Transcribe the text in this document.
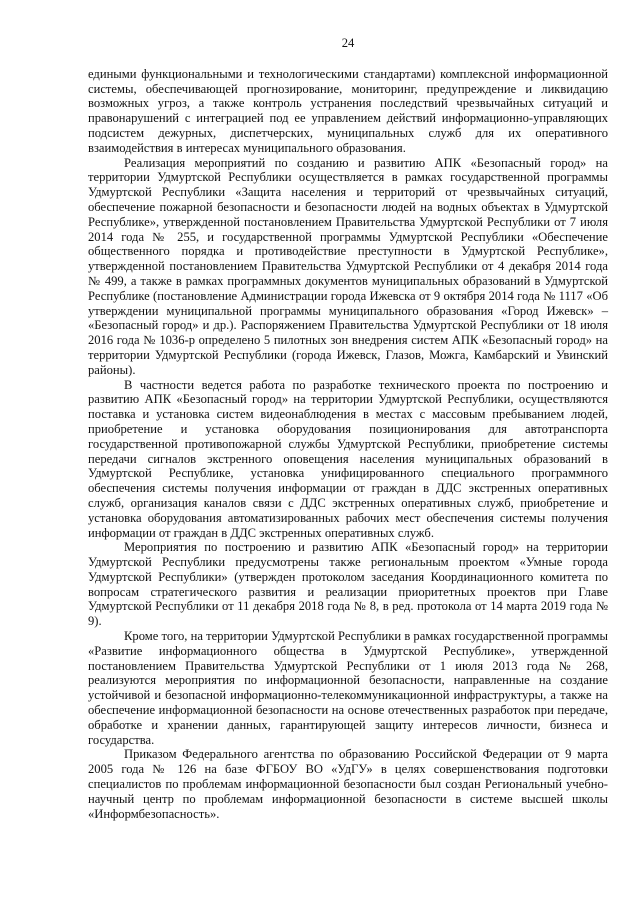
24

едиными функциональными и технологическими стандартами) комплексной информационной системы, обеспечивающей прогнозирование, мониторинг, предупреждение и ликвидацию возможных угроз, а также контроль устранения последствий чрезвычайных ситуаций и правонарушений с интеграцией под ее управлением действий информационно-управляющих подсистем дежурных, диспетчерских, муниципальных служб для их оперативного взаимодействия в интересах муниципального образования.

Реализация мероприятий по созданию и развитию АПК «Безопасный город» на территории Удмуртской Республики осуществляется в рамках государственной программы Удмуртской Республики «Защита населения и территорий от чрезвычайных ситуаций, обеспечение пожарной безопасности и безопасности людей на водных объектах в Удмуртской Республике», утвержденной постановлением Правительства Удмуртской Республики от 7 июля 2014 года № 255, и государственной программы Удмуртской Республики «Обеспечение общественного порядка и противодействие преступности в Удмуртской Республике», утвержденной постановлением Правительства Удмуртской Республики от 4 декабря 2014 года № 499, а также в рамках программных документов муниципальных образований в Удмуртской Республике (постановление Администрации города Ижевска от 9 октября 2014 года № 1117 «Об утверждении муниципальной программы муниципального образования «Город Ижевск» – «Безопасный город» и др.). Распоряжением Правительства Удмуртской Республики от 18 июля 2016 года № 1036-р определено 5 пилотных зон внедрения систем АПК «Безопасный город» на территории Удмуртской Республики (города Ижевск, Глазов, Можга, Камбарский и Увинский районы).

В частности ведется работа по разработке технического проекта по построению и развитию АПК «Безопасный город» на территории Удмуртской Республики, осуществляются поставка и установка систем видеонаблюдения в местах с массовым пребыванием людей, приобретение и установка оборудования позиционирования для автотранспорта государственной противопожарной службы Удмуртской Республики, приобретение системы передачи сигналов экстренного оповещения населения муниципальных образований в Удмуртской Республике, установка унифицированного специального программного обеспечения системы получения информации от граждан в ДДС экстренных оперативных служб, организация каналов связи с ДДС экстренных оперативных служб, приобретение и установка оборудования автоматизированных рабочих мест обеспечения системы получения информации от граждан в ДДС экстренных оперативных служб.

Мероприятия по построению и развитию АПК «Безопасный город» на территории Удмуртской Республики предусмотрены также региональным проектом «Умные города Удмуртской Республики» (утвержден протоколом заседания Координационного комитета по вопросам стратегического развития и реализации приоритетных проектов при Главе Удмуртской Республики от 11 декабря 2018 года № 8, в ред. протокола от 14 марта 2019 года № 9).

Кроме того, на территории Удмуртской Республики в рамках государственной программы «Развитие информационного общества в Удмуртской Республике», утвержденной постановлением Правительства Удмуртской Республики от 1 июля 2013 года № 268, реализуются мероприятия по информационной безопасности, направленные на создание устойчивой и безопасной информационно-телекоммуникационной инфраструктуры, а также на обеспечение информационной безопасности на основе отечественных разработок при передаче, обработке и хранении данных, гарантирующей защиту интересов личности, бизнеса и государства.

Приказом Федерального агентства по образованию Российской Федерации от 9 марта 2005 года № 126 на базе ФГБОУ ВО «УдГУ» в целях совершенствования подготовки специалистов по проблемам информационной безопасности был создан Региональный учебно-научный центр по проблемам информационной безопасности в системе высшей школы «Информбезопасность».
